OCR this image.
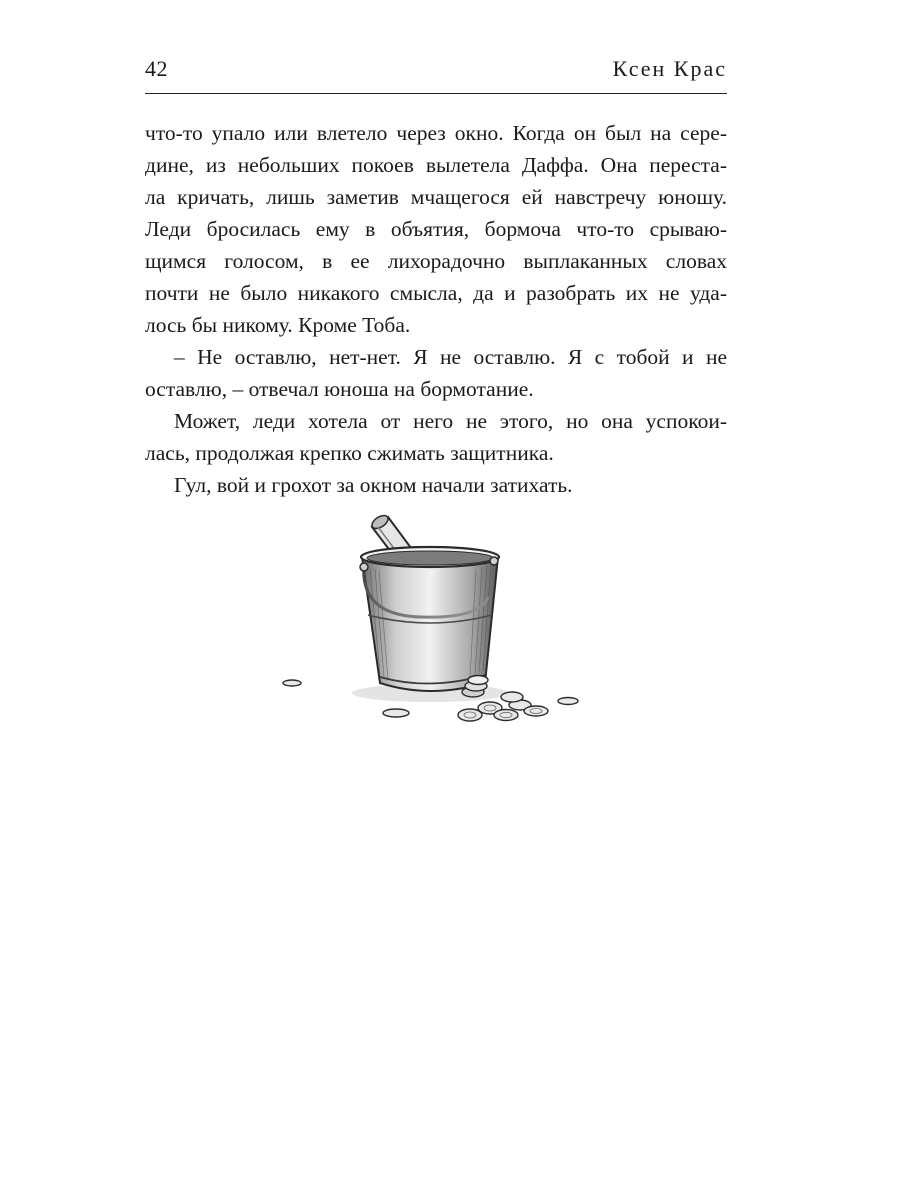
42	Ксен Крас
что-то упало или влетело через окно. Когда он был на сере-
дине, из небольших покоев вылетела Даффа. Она переста-
ла кричать, лишь заметив мчащегося ей навстречу юношу.
Леди бросилась ему в объятия, бормоча что-то срываю-
щимся голосом, в ее лихорадочно выплаканных словах
почти не было никакого смысла, да и разобрать их не уда-
лось бы никому. Кроме Тоба.
– Не оставлю, нет-нет. Я не оставлю. Я с тобой и не
оставлю, – отвечал юноша на бормотание.
Может, леди хотела от него не этого, но она успокои-
лась, продолжая крепко сжимать защитника.
Гул, вой и грохот за окном начали затихать.
